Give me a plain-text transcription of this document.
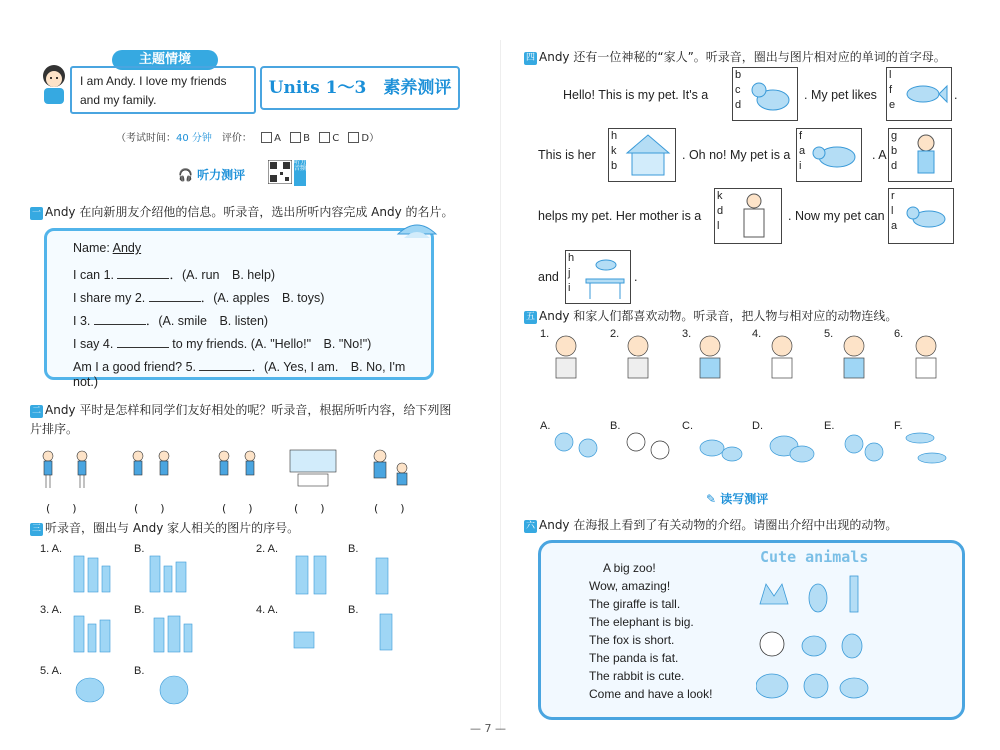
主题情境
I am Andy. I love my friends
and my family.
Units 1～3　素养测评
（考试时间：40 分钟　 评价： A B C D）
🎧 听力测评
听力音频
一 Andy 在向新朋友介绍他的信息。听录音，选出所听内容完成 Andy 的名片。
Name: Andy
I can 1.	．(A. run　B. help)
I share my 2.	．(A. apples　B. toys)
I 3.	．(A. smile　B. listen)
I say 4.	to my friends. (A. "Hello!"　B. "No!")
Am I a good friend? 5.	．(A. Yes, I am.　B. No, I'm not.)
二 Andy 平时是怎样和同学们友好相处的呢？听录音，根据所听内容，给下列图
片排序。
(　　)	(　　)	(　　)	(　　)	(　　)
三 听录音，圈出与 Andy 家人相关的图片的序号。
1. A.	B.	2. A.	B.
3. A.	B.	4. A.	B.
5. A.	B.
四 Andy 还有一位神秘的“家人”。听录音，圈出与图片相对应的单词的首字母。
Hello! This is my pet. It's a
b
c
d
. My pet likes
l
f
e
.
This is her
h
k
b
. Oh no! My pet is a
f
a
i
. A
g
b
d
helps my pet. Her mother is a
k
d
l
. Now my pet can
r
l
a
and
h
j
i
.
五 Andy 和家人们都喜欢动物。听录音，把人物与相对应的动物连线。
1.	2.	3.	4.	5.	6.
A.	B.	C.	D.	E.	F.
✎ 读写测评
六 Andy 在海报上看到了有关动物的介绍。请圈出介绍中出现的动物。
A big zoo!
Wow, amazing!
The giraffe is tall.
The elephant is big.
The fox is short.
The panda is fat.
The rabbit is cute.
Come and have a look!
Cute animals
— 7 —
